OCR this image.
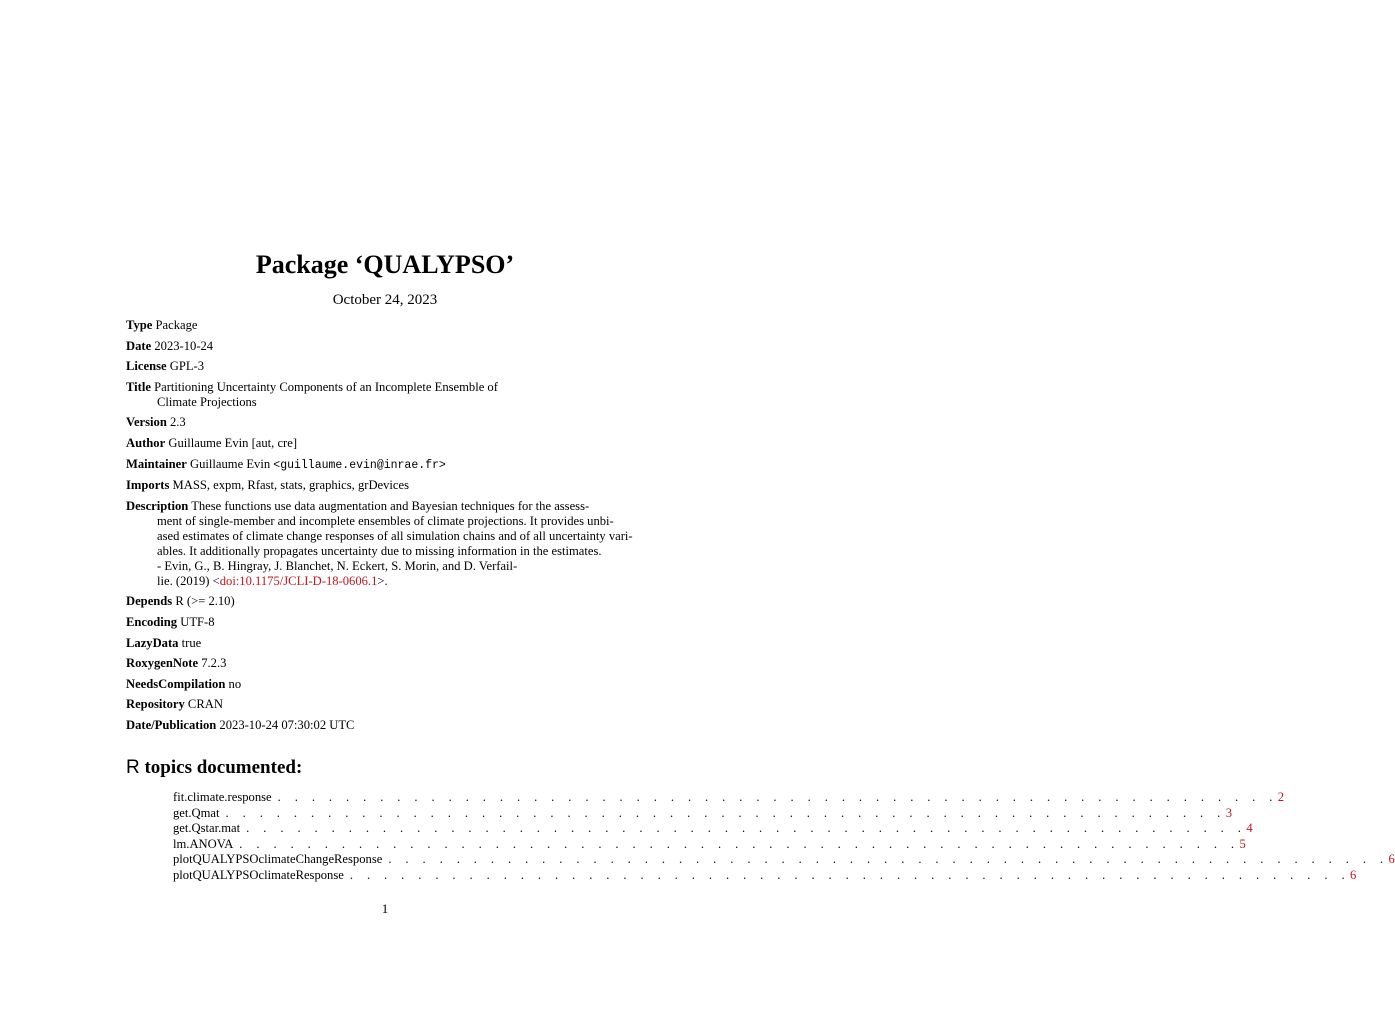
Package ‘QUALYPSO’
October 24, 2023
Type Package
Date 2023-10-24
License GPL-3
Title Partitioning Uncertainty Components of an Incomplete Ensemble of
Climate Projections
Version 2.3
Author Guillaume Evin [aut, cre]
Maintainer Guillaume Evin <guillaume.evin@inrae.fr>
Imports MASS, expm, Rfast, stats, graphics, grDevices
Description These functions use data augmentation and Bayesian techniques for the assess-
ment of single-member and incomplete ensembles of climate projections. It provides unbi-
ased estimates of climate change responses of all simulation chains and of all uncertainty vari-
ables. It additionally propagates uncertainty due to missing information in the estimates.
- Evin, G., B. Hingray, J. Blanchet, N. Eckert, S. Morin, and D. Verfail-
lie. (2019) <doi:10.1175/JCLI-D-18-0606.1>.
Depends R (>= 2.10)
Encoding UTF-8
LazyData true
RoxygenNote 7.2.3
NeedsCompilation no
Repository CRAN
Date/Publication 2023-10-24 07:30:02 UTC
R topics documented:
fit.climate.response . . . . . . . . . . . . . . . . . . . . . . . . . . . . . . . . . . . . . . . . . . . . . . . . . . . . . . . . . . . 2
get.Qmat . . . . . . . . . . . . . . . . . . . . . . . . . . . . . . . . . . . . . . . . . . . . . . . . . . . . . . . . . . . 3
get.Qstar.mat . . . . . . . . . . . . . . . . . . . . . . . . . . . . . . . . . . . . . . . . . . . . . . . . . . . . . . . . . . . 4
lm.ANOVA . . . . . . . . . . . . . . . . . . . . . . . . . . . . . . . . . . . . . . . . . . . . . . . . . . . . . . . . . . . 5
plotQUALYPSOclimateChangeResponse . . . . . . . . . . . . . . . . . . . . . . . . . . . . . . . . . . . . . . . . . . . . . . . . . . . . . . . . . . . 6
plotQUALYPSOclimateResponse . . . . . . . . . . . . . . . . . . . . . . . . . . . . . . . . . . . . . . . . . . . . . . . . . . . . . . . . . . . 6
1
